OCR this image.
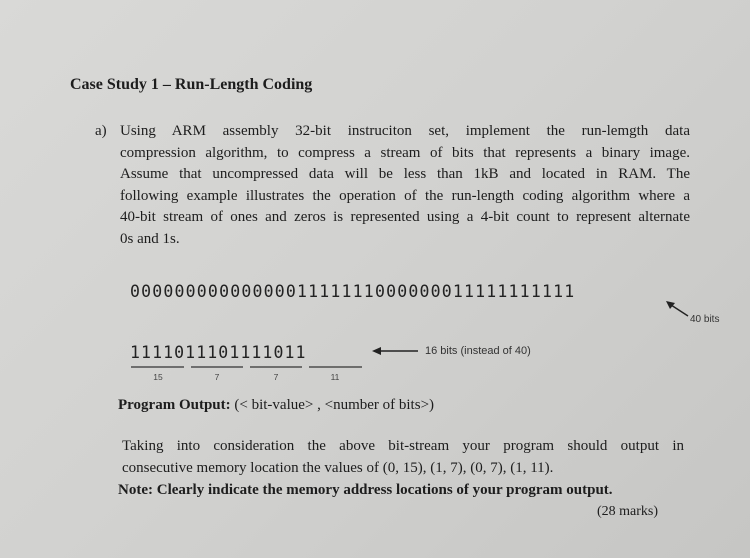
Case Study 1 – Run-Length Coding
a) Using ARM assembly 32-bit instruciton set, implement the run-lemgth data
compression algorithm, to compress a stream of bits that represents a binary image.
Assume that uncompressed data will be less than 1kB and located in RAM. The
following example illustrates the operation of the run-length coding algorithm where a
40-bit stream of ones and zeros is represented using a 4-bit count to represent alternate
0s and 1s.
0000000000000001111111000000011111111111
40 bits
1111011101111011	16 bits (instead of 40)
15	7	7	11
Program Output: (< bit-value> , <number of bits>)
Taking into consideration the above bit-stream your program should output in
consecutive memory location the values of (0, 15), (1, 7), (0, 7), (1, 11).
Note: Clearly indicate the memory address locations of your program output.
(28 marks)
